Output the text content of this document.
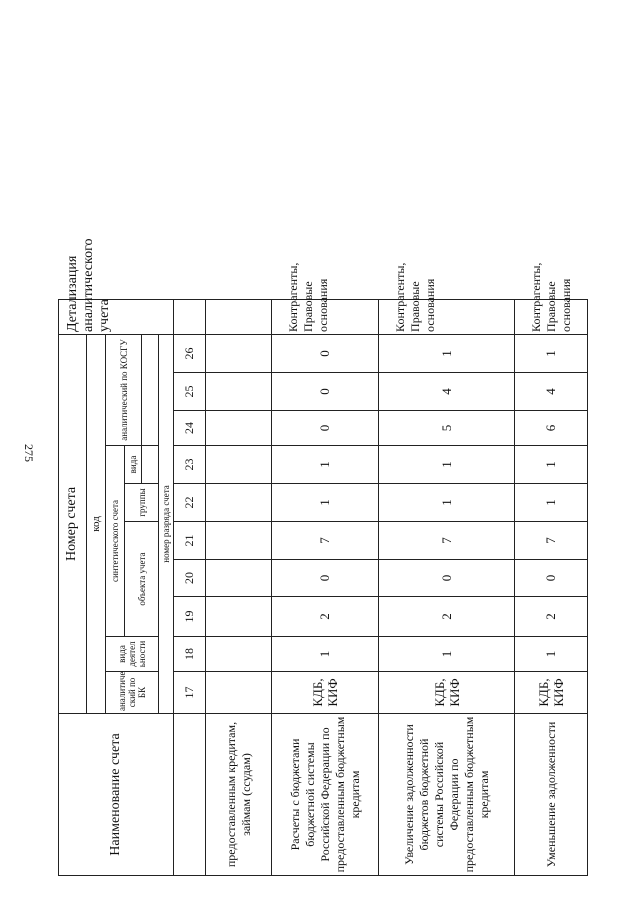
275
Наименование счета	Номер счета										Детализация аналитического учета
	код										
	аналитиче ский по БК	вида деятел ьности	синтетического счета					аналитический по КОСГУ			
			объекта учета			группы	вида				

	номер разряда счета										
	17	18	19	20	21	22	23	24	25	26	
предоставленным кредитам, займам (ссудам)											
Расчеты с бюджетами бюджетной системы Российской Федерации по предоставленным бюджетным кредитам	КДБ, КИФ	1	2	0	7	1	1	0	0	0	Контрагенты, Правовые основания
Увеличение задолженности бюджетов бюджетной системы Российской Федерации по предоставленным бюджетным кредитам	КДБ, КИФ	1	2	0	7	1	1	5	4	1	Контрагенты, Правовые основания
Уменьшение задолженности	КДБ, КИФ	1	2	0	7	1	1	6	4	1	Контрагенты, Правовые основания
